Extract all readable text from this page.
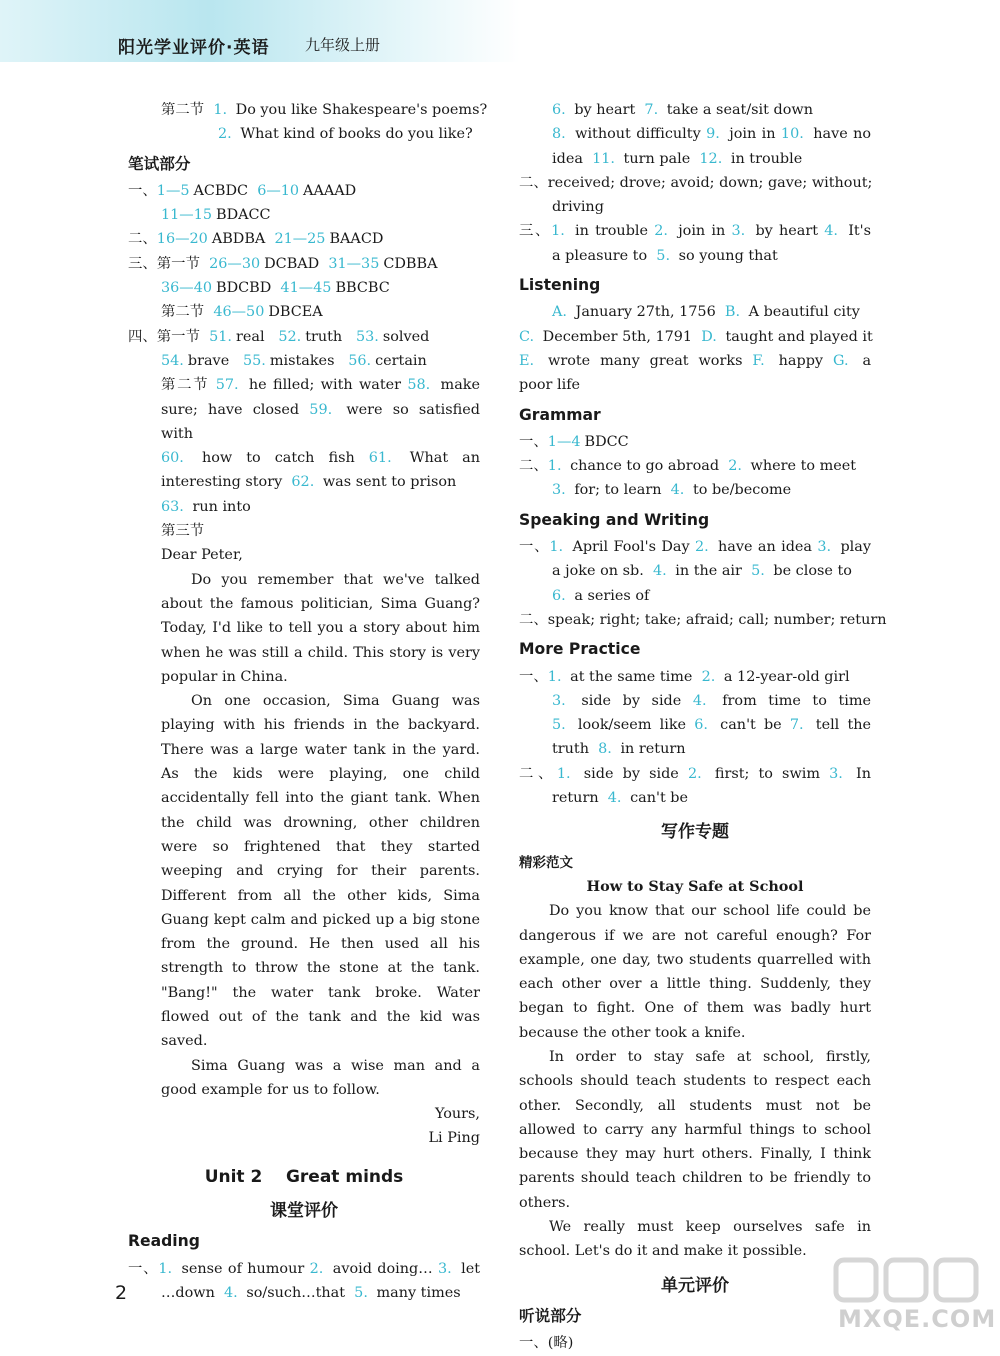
阳光学业评价·英语 九年级上册
第二节 1. Do you like Shakespeare's poems?
2. What kind of books do you like?
笔试部分
一、1—5 ACBDC 6—10 AAAAD
11—15 BDACC
二、16—20 ABDBA 21—25 BAACD
三、第一节 26—30 DCBAD 31—35 CDBBA
36—40 BDCBD 41—45 BBCBC
第二节 46—50 DBCEA
四、第一节 51. real 52. truth 53. solved
54. brave 55. mistakes 56. certain
第二节 57. he filled; with water 58. make
sure; have closed 59. were so satisfied with
60. how to catch fish 61. What an
interesting story 62. was sent to prison
63. run into
第三节
Dear Peter,
Do you remember that we've talked about the famous politician, Sima Guang? Today, I'd like to tell you a story about him when he was still a child. This story is very popular in China.
On one occasion, Sima Guang was playing with his friends in the backyard. There was a large water tank in the yard. As the kids were playing, one child accidentally fell into the giant tank. When the child was drowning, other children were so frightened that they started weeping and crying for their parents. Different from all the other kids, Sima Guang kept calm and picked up a big stone from the ground. He then used all his strength to throw the stone at the tank. "Bang!" the water tank broke. Water flowed out of the tank and the kid was saved.
Sima Guang was a wise man and a good example for us to follow.
Yours,
Li Ping
Unit 2    Great minds
课堂评价
Reading
一、1. sense of humour 2. avoid doing… 3. let
…down 4. so/such…that 5. many times
6. by heart 7. take a seat/sit down
8. without difficulty 9. join in 10. have no
idea 11. turn pale 12. in trouble
二、received; drove; avoid; down; gave; without;
driving
三、1. in trouble 2. join in 3. by heart 4. It's
a pleasure to 5. so young that
Listening
A. January 27th, 1756 B. A beautiful city
C. December 5th, 1791 D. taught and played it
E. wrote many great works F. happy G. a
poor life
Grammar
一、1—4 BDCC
二、1. chance to go abroad 2. where to meet
3. for; to learn 4. to be/become
Speaking and Writing
一、1. April Fool's Day 2. have an idea 3. play
a joke on sb. 4. in the air 5. be close to
6. a series of
二、speak; right; take; afraid; call; number; return
More Practice
一、1. at the same time 2. a 12-year-old girl
3. side by side 4. from time to time
5. look/seem like 6. can't be 7. tell the
truth 8. in return
二、1. side by side 2. first; to swim 3. In
return 4. can't be
写作专题
精彩范文
How to Stay Safe at School
Do you know that our school life could be dangerous if we are not careful enough? For example, one day, two students quarrelled with each other over a little thing. Suddenly, they began to fight. One of them was badly hurt because the other took a knife.
In order to stay safe at school, firstly, schools should teach students to respect each other. Secondly, all students must not be allowed to carry any harmful things to school because they may hurt others. Finally, I think parents should teach children to be friendly to others.
We really must keep ourselves safe in school. Let's do it and make it possible.
单元评价
听说部分
一、(略)
2
MXQE.COM
